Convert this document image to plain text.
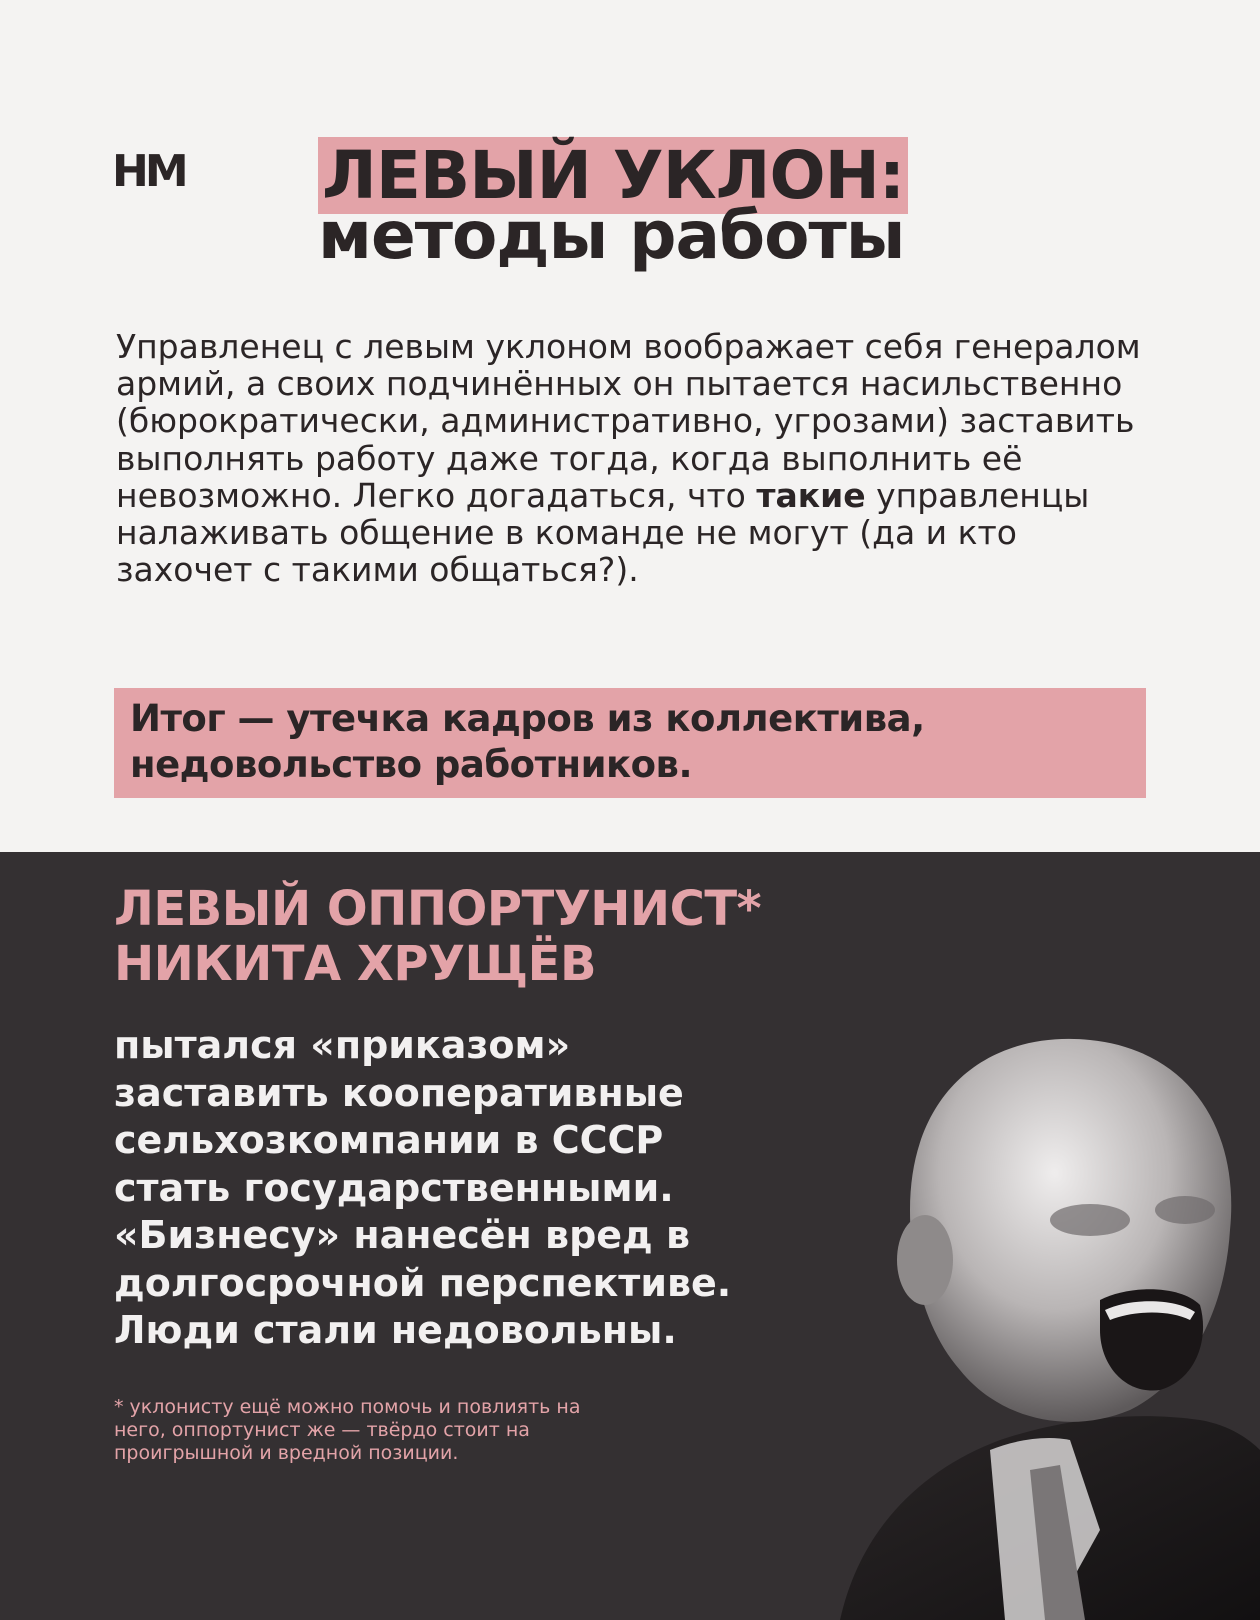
НМ ЛЕВЫЙ УКЛОН:
методы работы
Управленец с левым уклоном воображает себя генералом армий, а своих подчинённых он пытается насильственно (бюрократически, административно, угрозами) заставить выполнять работу даже тогда, когда выполнить её невозможно. Легко догадаться, что такие управленцы налаживать общение в команде не могут (да и кто захочет с такими общаться?).
Итог — утечка кадров из коллектива,
недовольство работников.
ЛЕВЫЙ ОППОРТУНИСТ*
НИКИТА ХРУЩЁВ
пытался «приказом»
заставить кооперативные
сельхозкомпании в СССР
стать государственными.
«Бизнесу» нанесён вред в
долгосрочной перспективе.
Люди стали недовольны.
* уклонисту ещё можно помочь и повлиять на
него, оппортунист же — твёрдо стоит на
проигрышной и вредной позиции.
